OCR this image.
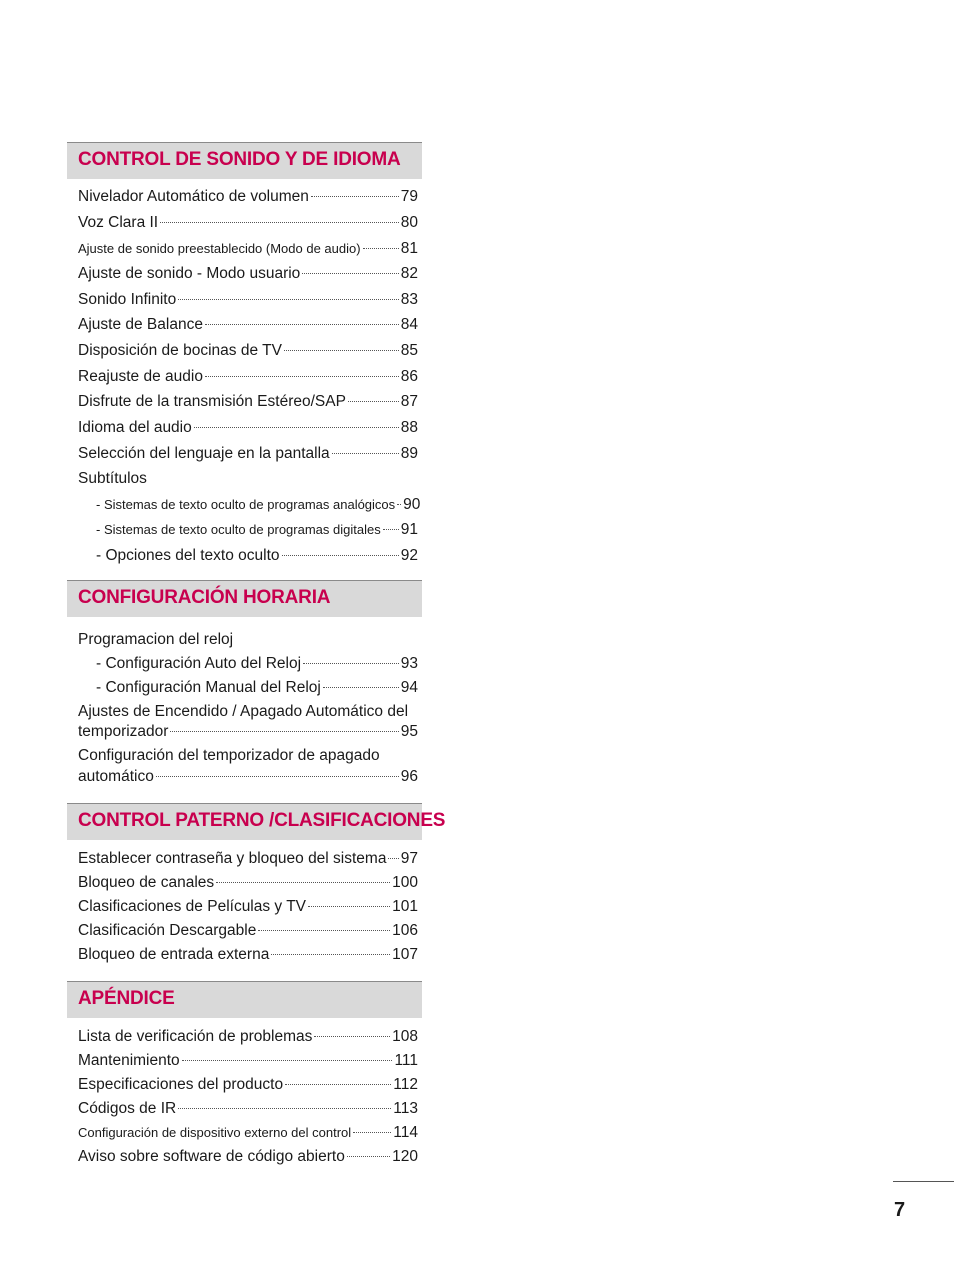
CONTROL DE SONIDO Y DE IDIOMA
Nivelador Automático de volumen	79
Voz Clara II	80
Ajuste de sonido preestablecido (Modo de audio)	81
Ajuste de sonido - Modo usuario	82
Sonido Infinito	83
Ajuste de Balance	84
Disposición de bocinas de TV	85
Reajuste de audio	86
Disfrute de la transmisión Estéreo/SAP	87
Idioma del audio	88
Selección del lenguaje en la pantalla	89
Subtítulos
- Sistemas de texto oculto de programas analógicos 90
- Sistemas de texto oculto de programas digitales 91
- Opciones del texto oculto	92
CONFIGURACIÓN HORARIA
Programacion del reloj
- Configuración Auto del Reloj	93
- Configuración Manual del Reloj	94
Ajustes de Encendido / Apagado Automático del
temporizador	95
Configuración del temporizador de apagado
automático	96
CONTROL PATERNO /CLASIFICACIONES
Establecer contraseña y bloqueo del sistema 97
Bloqueo de canales	100
Clasificaciones de Películas y TV	101
Clasificación Descargable	106
Bloqueo de entrada externa	107
APÉNDICE
Lista de verificación de problemas	108
Mantenimiento	111
Especificaciones del producto	112
Códigos de IR	113
Configuración de dispositivo externo del control	114
Aviso sobre software de código abierto	120
7
